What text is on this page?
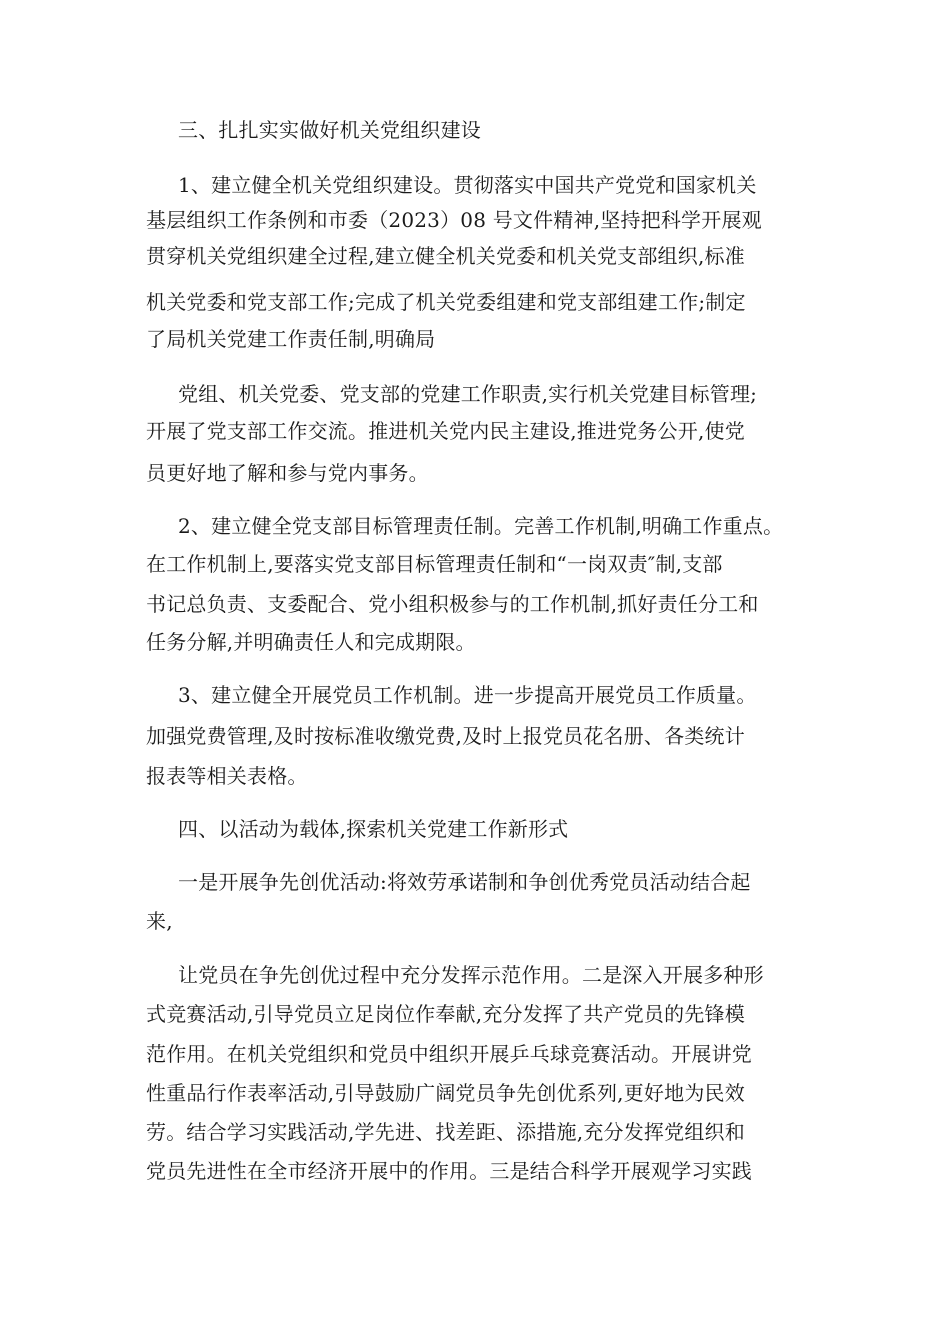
三、扎扎实实做好机关党组织建设
1、建立健全机关党组织建设。贯彻落实中国共产党党和国家机关
基层组织工作条例和市委（2023）08 号文件精神,坚持把科学开展观
贯穿机关党组织建全过程,建立健全机关党委和机关党支部组织,标准
机关党委和党支部工作;完成了机关党委组建和党支部组建工作;制定
了局机关党建工作责任制,明确局
党组、机关党委、党支部的党建工作职责,实行机关党建目标管理;
开展了党支部工作交流。推进机关党内民主建设,推进党务公开,使党
员更好地了解和参与党内事务。
2、建立健全党支部目标管理责任制。完善工作机制,明确工作重点。
在工作机制上,要落实党支部目标管理责任制和“一岗双责″制,支部
书记总负责、支委配合、党小组积极参与的工作机制,抓好责任分工和
任务分解,并明确责任人和完成期限。
3、建立健全开展党员工作机制。进一步提高开展党员工作质量。
加强党费管理,及时按标准收缴党费,及时上报党员花名册、各类统计
报表等相关表格。
四、以活动为载体,探索机关党建工作新形式
一是开展争先创优活动:将效劳承诺制和争创优秀党员活动结合起
来,
让党员在争先创优过程中充分发挥示范作用。二是深入开展多种形
式竞赛活动,引导党员立足岗位作奉献,充分发挥了共产党员的先锋模
范作用。在机关党组织和党员中组织开展乒乓球竞赛活动。开展讲党
性重品行作表率活动,引导鼓励广阔党员争先创优系列,更好地为民效
劳。结合学习实践活动,学先进、找差距、添措施,充分发挥党组织和
党员先进性在全市经济开展中的作用。三是结合科学开展观学习实践
